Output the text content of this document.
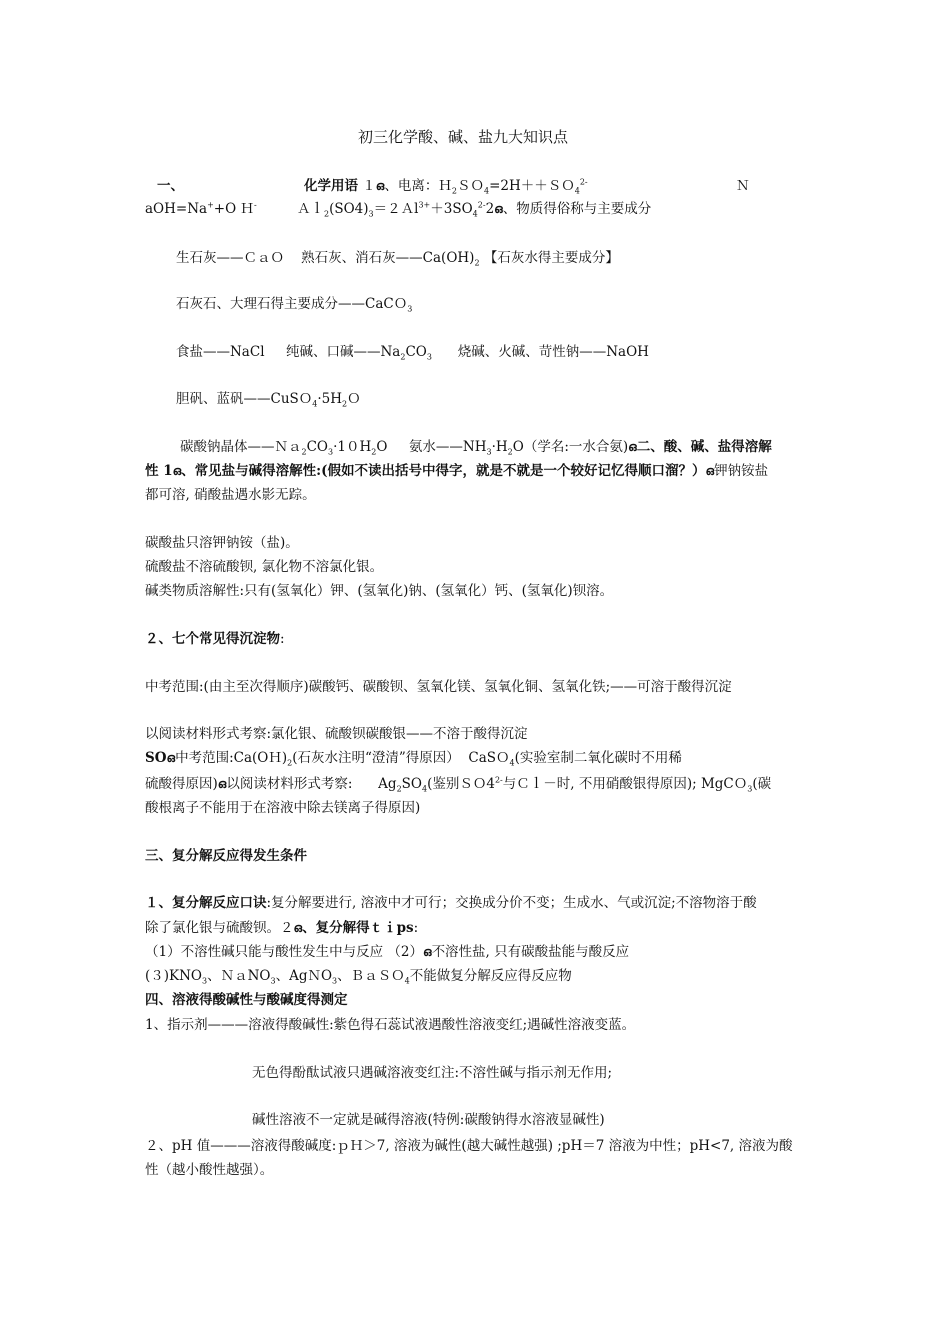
初三化学酸、碱、盐九大知识点
一、	化学用语 １ഒ、电离：Ｈ$_2$ＳＯ$_4$=2H＋＋ＳＯ$_4^{2-}$	Ｎ
aOH=Na++O Ｈ-	$Al_2(SO4)_3=2Al^{3+}+3SO_4^{2-}2ഒ$、物质得俗称与主要成分
生石灰——ＣａＯ 熟石灰、消石灰$——Ca(OH)_2$ 【石灰水得主要成分】
石灰石、大理石得主要成分——CaCＯ$_3$
食盐——NaCl 纯碱、口碱$——Na_2CO_3$ 烧碱、火碱、苛性钠——NaOH
胆矾、蓝矾$——CuSO_4\cdot 5H_2O$
碳酸钠晶体$——Na_2CO_3\cdot 10H_2O$ 氨水$——NH_3\cdot H_2O$（学名:一水合氨)ഒ二、酸、碱、盐得溶解
性 1ഒ、常见盐与碱得溶解性:(假如不读出括号中得字，就是不就是一个较好记忆得顺口溜？）ഒ钾钠铵盐
都可溶, 硝酸盐遇水影无踪。
碳酸盐只溶钾钠铵（盐)。
硫酸盐不溶硫酸钡, 氯化物不溶氯化银。
碱类物质溶解性:只有(氢氧化）钾、(氢氧化)钠、(氢氧化）钙、(氢氧化)钡溶。
２、七个常见得沉淀物:
中考范围:(由主至次得顺序)碳酸钙、碳酸钡、氢氧化镁、氢氧化铜、氢氧化铁;——可溶于酸得沉淀
以阅读材料形式考察:氯化银、硫酸钡碳酸银——不溶于酸得沉淀
SOഒ中考范围$:Ca(OH)_2$(石灰水注明“澄清”得原因） CaSＯ$_4$(实验室制二氧化碳时不用稀
硫酸得原因)ഒ以阅读材料形式考察: $Ag_2SO_4$(鉴别$SO4^{2-}$与Ｃｌ－时, 不用硝酸银得原因); MgCＯ$_3$(碳
酸根离子不能用于在溶液中除去镁离子得原因)
三、复分解反应得发生条件
１、复分解反应口诀:复分解要进行, 溶液中才可行；交换成分价不变；生成水、气或沉淀;不溶物溶于酸
除了氯化银与硫酸钡。２ഒ、复分解得ｔｉps:
（1）不溶性碱只能与酸性发生中与反应 （2）ഒ不溶性盐, 只有碳酸盐能与酸反应
$(3)KNO_3$、ＮａNO$_3$、AgＮO$_3$、ＢａＳＯ$_4$不能做复分解反应得反应物
四、溶液得酸碱性与酸碱度得测定
1、指示剂———溶液得酸碱性:紫色得石蕊试液遇酸性溶液变红;遇碱性溶液变蓝。
无色得酚酞试液只遇碱溶液变红注:不溶性碱与指示剂无作用;
碱性溶液不一定就是碱得溶液(特例:碳酸钠得水溶液显碱性)
２、pH 值———溶液得酸碱度:ｐＨ＞7, 溶液为碱性(越大碱性越强) ;pH＝7 溶液为中性；pH<7, 溶液为酸
性（越小酸性越强）。
